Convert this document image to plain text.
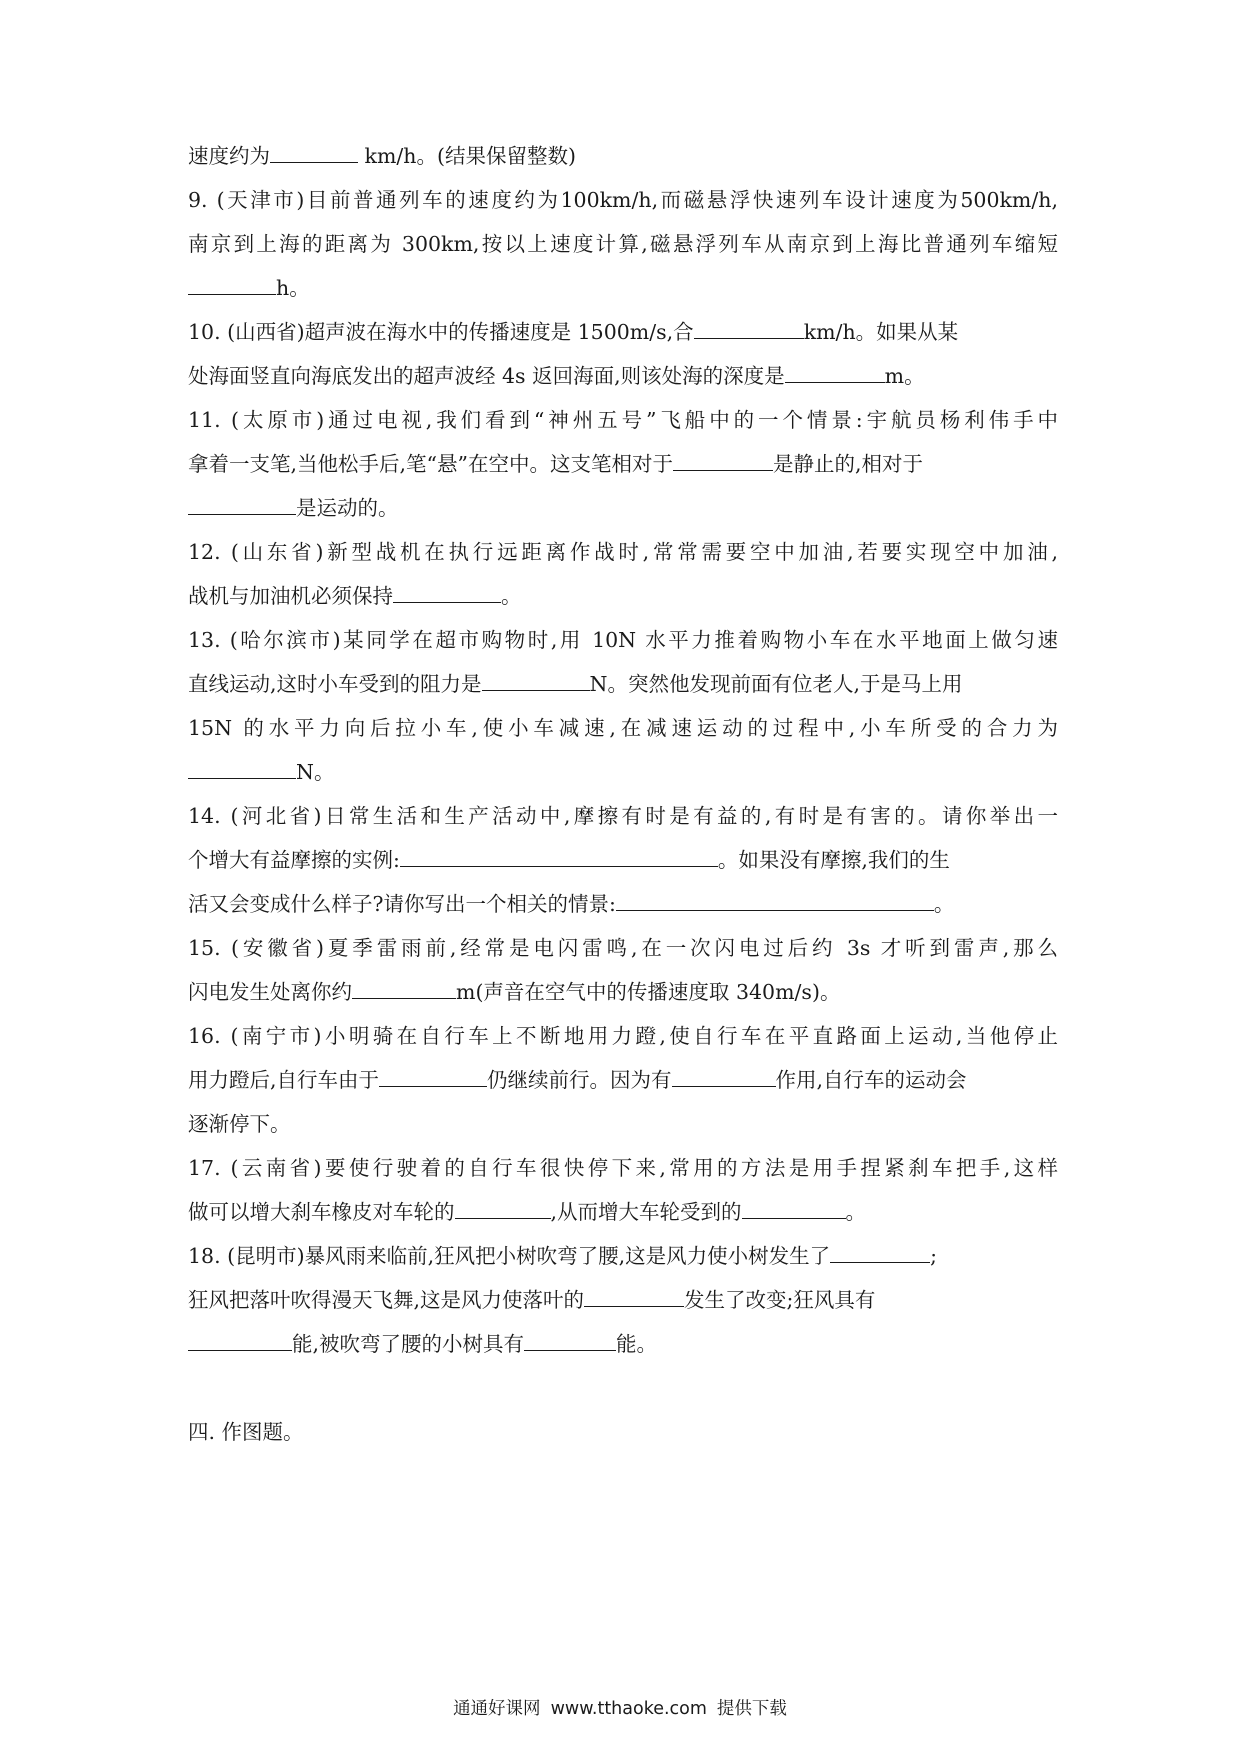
速度约为	km/h。(结果保留整数)
9. (天津市)目前普通列车的速度约为100km/h,而磁悬浮快速列车设计速度为500km/h,
南京到上海的距离为 300km,按以上速度计算,磁悬浮列车从南京到上海比普通列车缩短
h。
10. (山西省)超声波在海水中的传播速度是 1500m/s,合	km/h。如果从某
处海面竖直向海底发出的超声波经 4s 返回海面,则该处海的深度是	m。
11. (太原市)通过电视,我们看到“神州五号”飞船中的一个情景:宇航员杨利伟手中
拿着一支笔,当他松手后,笔“悬”在空中。这支笔相对于	是静止的,相对于
是运动的。
12. (山东省)新型战机在执行远距离作战时,常常需要空中加油,若要实现空中加油,
战机与加油机必须保持	。
13. (哈尔滨市)某同学在超市购物时,用 10N 水平力推着购物小车在水平地面上做匀速
直线运动,这时小车受到的阻力是	N。突然他发现前面有位老人,于是马上用
15N 的水平力向后拉小车,使小车减速,在减速运动的过程中,小车所受的合力为
N。
14. (河北省)日常生活和生产活动中,摩擦有时是有益的,有时是有害的。请你举出一
个增大有益摩擦的实例:	。如果没有摩擦,我们的生
活又会变成什么样子?请你写出一个相关的情景:	。
15. (安徽省)夏季雷雨前,经常是电闪雷鸣,在一次闪电过后约 3s 才听到雷声,那么
闪电发生处离你约	m(声音在空气中的传播速度取 340m/s)。
16. (南宁市)小明骑在自行车上不断地用力蹬,使自行车在平直路面上运动,当他停止
用力蹬后,自行车由于	仍继续前行。因为有	作用,自行车的运动会
逐渐停下。
17. (云南省)要使行驶着的自行车很快停下来,常用的方法是用手捏紧刹车把手,这样
做可以增大刹车橡皮对车轮的	,从而增大车轮受到的	。
18. (昆明市)暴风雨来临前,狂风把小树吹弯了腰,这是风力使小树发生了	;
狂风把落叶吹得漫天飞舞,这是风力使落叶的	发生了改变;狂风具有
能,被吹弯了腰的小树具有	能。
四. 作图题。
通通好课网 www.tthaoke.com 提供下载
